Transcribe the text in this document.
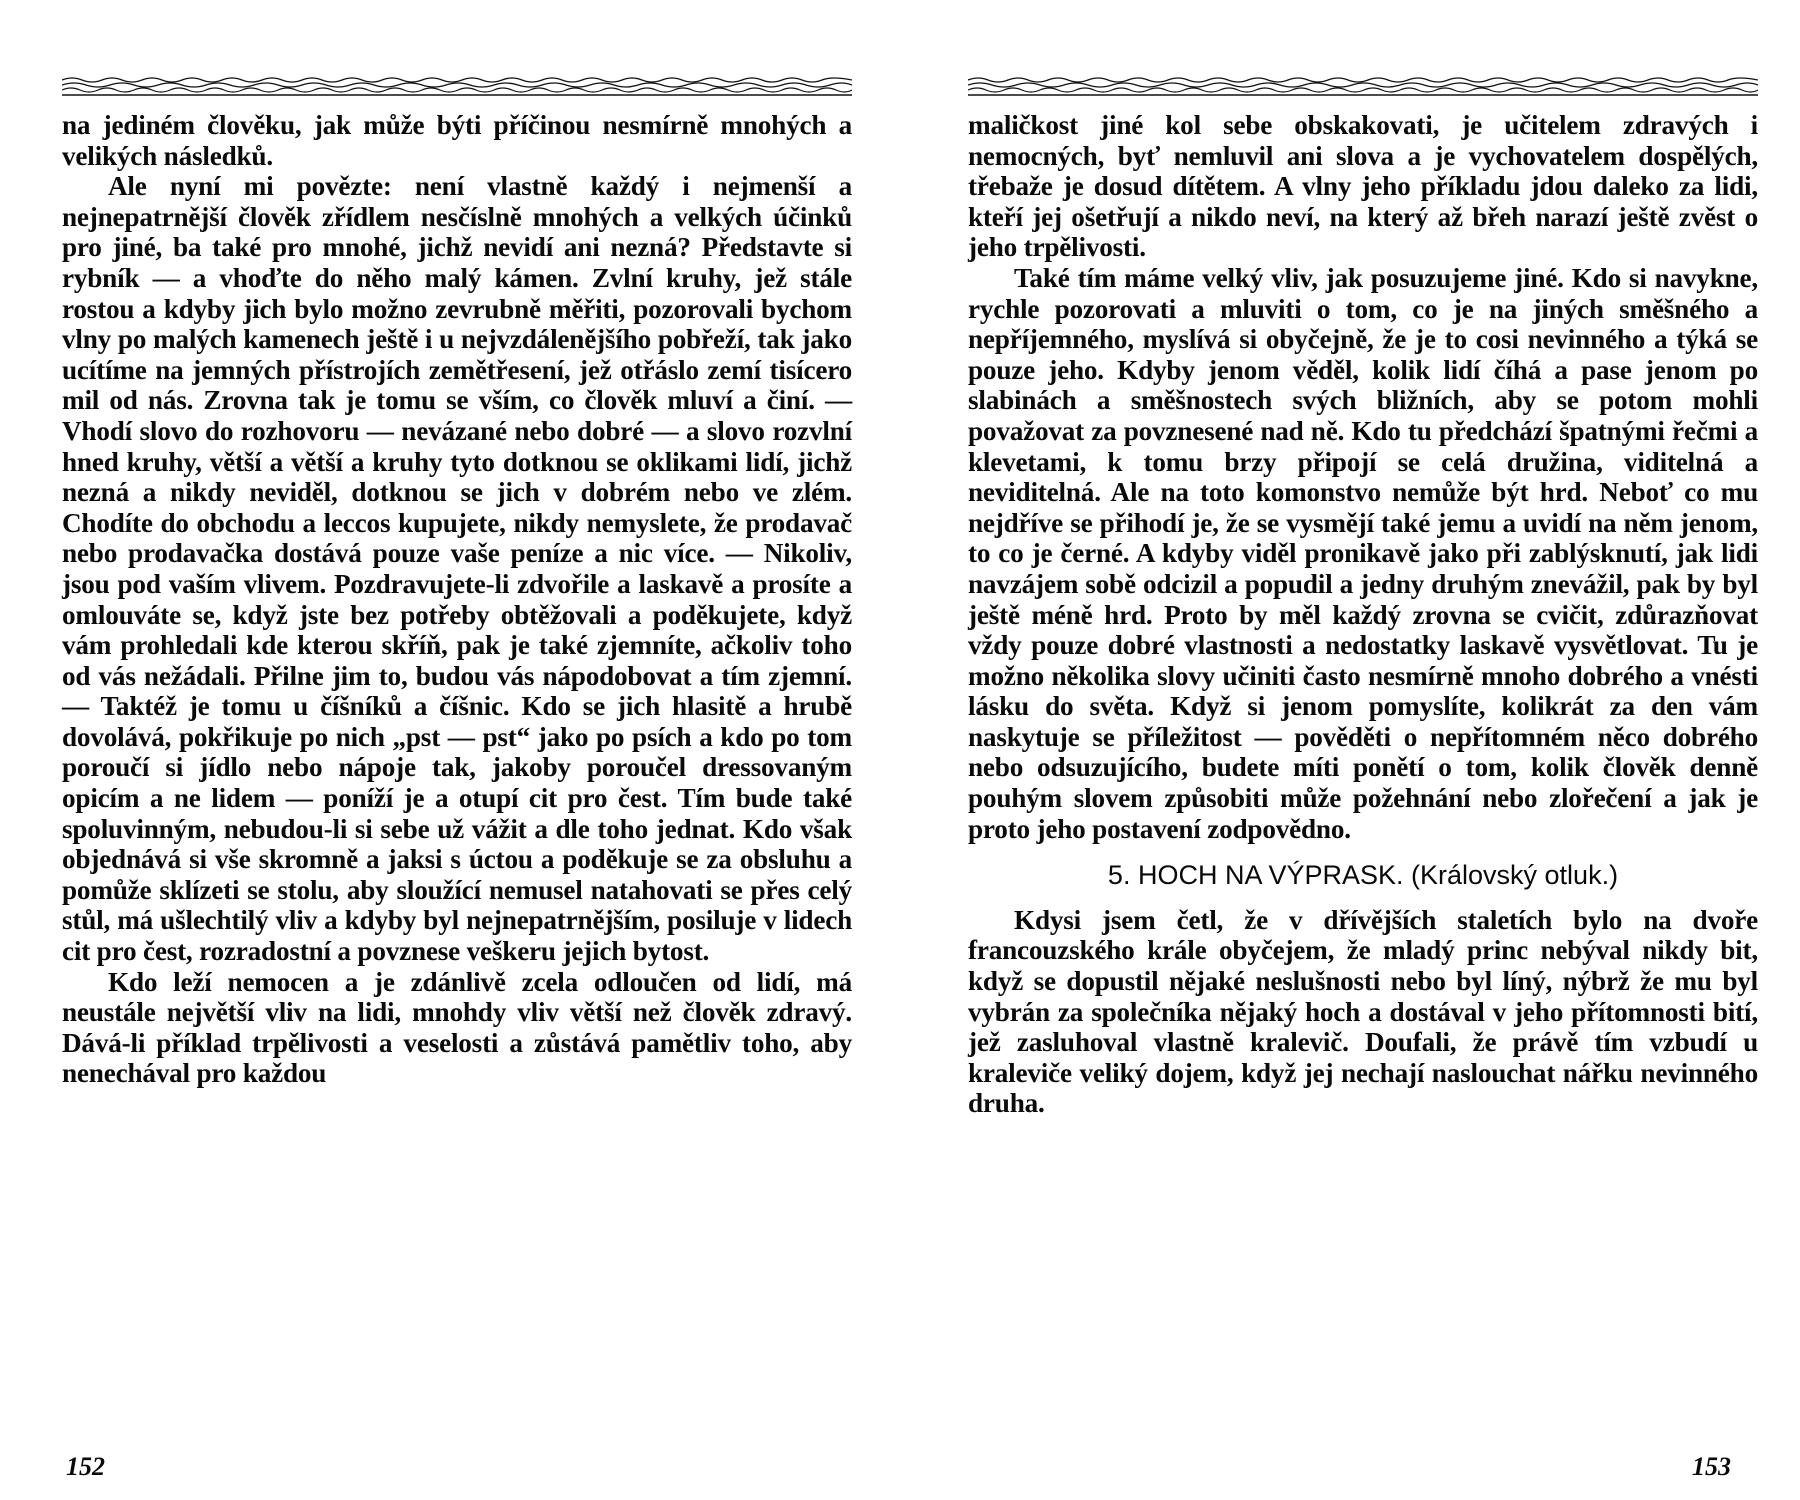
na jediném člověku, jak může býti příčinou nesmírně mnohých a velikých následků.

Ale nyní mi povězte: není vlastně každý i nejmenší a nejnepatrnější člověk zřídlem nesčíslně mnohých a velkých účinků pro jiné, ba také pro mnohé, jichž nevidí ani nezná? Představte si rybník — a vhoďte do něho malý kámen. Zvlní kruhy, jež stále rostou a kdyby jich bylo možno zevrubně měřiti, pozorovali bychom vlny po malých kamenech ještě i u nejvzdálenějšího pobřeží, tak jako ucítíme na jemných přístrojích zemětřesení, jež otřáslo zemí tisícero mil od nás. Zrovna tak je tomu se vším, co člověk mluví a činí. — Vhodí slovo do rozhovoru — nevázané nebo dobré — a slovo rozvlní hned kruhy, větší a větší a kruhy tyto dotknou se oklikami lidí, jichž nezná a nikdy neviděl, dotknou se jich v dobrém nebo ve zlém. Chodíte do obchodu a leccos kupujete, nikdy nemyslete, že prodavač nebo prodavačka dostává pouze vaše peníze a nic více. — Nikoliv, jsou pod vaším vlivem. Pozdravujete-li zdvořile a laskavě a prosíte a omlouváte se, když jste bez potřeby obtěžovali a poděkujete, když vám prohledali kde kterou skříň, pak je také zjemníte, ačkoliv toho od vás nežádali. Přilne jim to, budou vás nápodobovat a tím zjemní. — Taktéž je tomu u číšníků a číšnic. Kdo se jich hlasitě a hrubě dovolává, pokřikuje po nich „pst — pst“ jako po psích a kdo po tom poroučí si jídlo nebo nápoje tak, jakoby poroučel dressovaným opicím a ne lidem — poníží je a otupí cit pro čest. Tím bude také spoluvinným, nebudou-li si sebe už vážit a dle toho jednat. Kdo však objednává si vše skromně a jaksi s úctou a poděkuje se za obsluhu a pomůže sklízeti se stolu, aby sloužící nemusel natahovati se přes celý stůl, má ušlechtilý vliv a kdyby byl nejnepatrnějším, posiluje v lidech cit pro čest, rozradostní a povznese veškeru jejich bytost.

Kdo leží nemocen a je zdánlivě zcela odloučen od lidí, má neustále největší vliv na lidi, mnohdy vliv větší než člověk zdravý. Dává-li příklad trpělivosti a veselosti a zůstává pamětliv toho, aby nenechával pro každou

152

maličkost jiné kol sebe obskakovati, je učitelem zdravých i nemocných, byť nemluvil ani slova a je vychovatelem dospělých, třebaže je dosud dítětem. A vlny jeho příkladu jdou daleko za lidi, kteří jej ošetřují a nikdo neví, na který až břeh narazí ještě zvěst o jeho trpělivosti.

Také tím máme velký vliv, jak posuzujeme jiné. Kdo si navykne, rychle pozorovati a mluviti o tom, co je na jiných směšného a nepříjemného, myslívá si obyčejně, že je to cosi nevinného a týká se pouze jeho. Kdyby jenom věděl, kolik lidí číhá a pase jenom po slabinách a směšnostech svých bližních, aby se potom mohli považovat za povznesené nad ně. Kdo tu předchází špatnými řečmi a klevetami, k tomu brzy připojí se celá družina, viditelná a neviditelná. Ale na toto komonstvo nemůže být hrd. Neboť co mu nejdříve se přihodí je, že se vysmějí také jemu a uvidí na něm jenom, to co je černé. A kdyby viděl pronikavě jako při zablýsknutí, jak lidi navzájem sobě odcizil a popudil a jedny druhým znevážil, pak by byl ještě méně hrd. Proto by měl každý zrovna se cvičit, zdůrazňovat vždy pouze dobré vlastnosti a nedostatky laskavě vysvětlovat. Tu je možno několika slovy učiniti často nesmírně mnoho dobrého a vnésti lásku do světa. Když si jenom pomyslíte, kolikrát za den vám naskytuje se příležitost — pověděti o nepřítomném něco dobrého nebo odsuzujícího, budete míti ponětí o tom, kolik člověk denně pouhým slovem způsobiti může požehnání nebo zlořečení a jak je proto jeho postavení zodpovědno.

5. HOCH NA VÝPRASK. (Královský otluk.)

Kdysi jsem četl, že v dřívějších staletích bylo na dvoře francouzského krále obyčejem, že mladý princ nebýval nikdy bit, když se dopustil nějaké neslušnosti nebo byl líný, nýbrž že mu byl vybrán za společníka nějaký hoch a dostával v jeho přítomnosti bití, jež zasluhoval vlastně kralevič. Doufali, že právě tím vzbudí u kraleviče veliký dojem, když jej nechají naslouchat nářku nevinného druha.

153
